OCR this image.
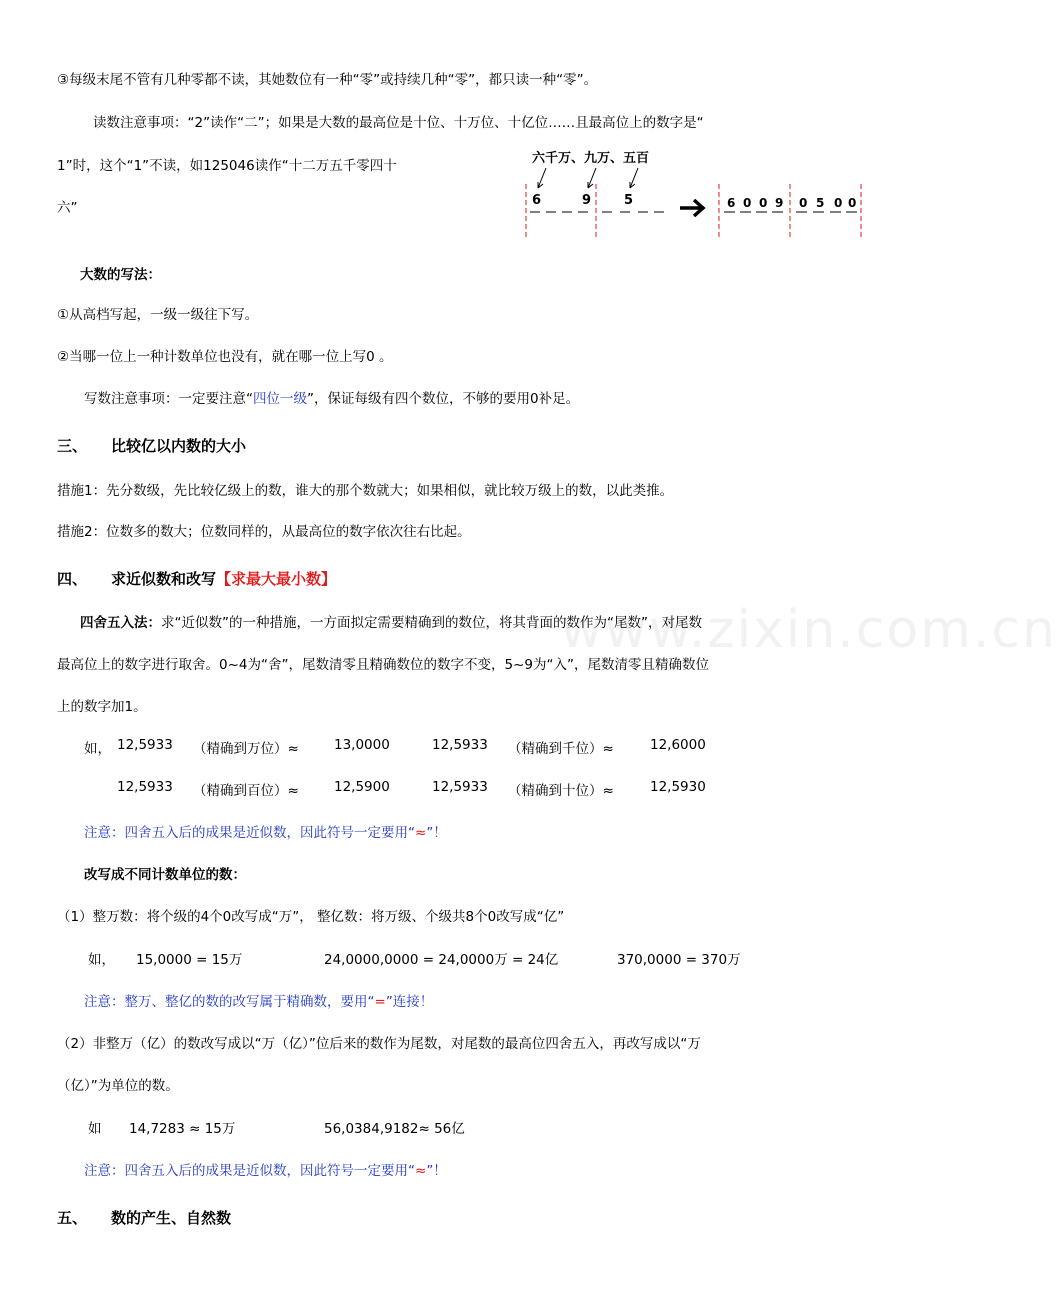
www.zixin.com.cn
③每级末尾不管有几种零都不读，其她数位有一种“零”或持续几种“零”，都只读一种“零”。
读数注意事项：“2”读作“二”；如果是大数的最高位是十位、十万位、十亿位……且最高位上的数字是“
1”时，这个“1”不读，如125046读作“十二万五千零四十
六”
六千万、九万、五百
6	9	5	6 0 0 9 0 5 0 0
大数的写法：
①从高档写起，一级一级往下写。
②当哪一位上一种计数单位也没有，就在哪一位上写0 。
写数注意事项：一定要注意“四位一级”，保证每级有四个数位，不够的要用0补足。
三、 比较亿以内数的大小
措施1：先分数级，先比较亿级上的数，谁大的那个数就大；如果相似，就比较万级上的数，以此类推。
措施2：位数多的数大；位数同样的，从最高位的数字依次往右比起。
四、 求近似数和改写【求最大最小数】
四舍五入法：求“近似数”的一种措施，一方面拟定需要精确到的数位，将其背面的数作为“尾数”，对尾数
最高位上的数字进行取舍。0~4为“舍”，尾数清零且精确数位的数字不变，5~9为“入”，尾数清零且精确数位
上的数字加1。
如， 12,5933 （精确到万位）≈	13,0000	12,5933 （精确到千位）≈	12,6000
12,5933 （精确到百位）≈	12,5900	12,5933 （精确到十位）≈	12,5930
注意：四舍五入后的成果是近似数，因此符号一定要用“≈”！
改写成不同计数单位的数：
（1）整万数：将个级的4个0改写成“万”， 整亿数：将万级、个级共8个0改写成“亿”
如， 15,0000 = 15万	24,0000,0000 = 24,0000万 = 24亿	370,0000 = 370万
注意：整万、整亿的数的改写属于精确数，要用“=”连接！
（2）非整万（亿）的数改写成以“万（亿）”位后来的数作为尾数，对尾数的最高位四舍五入，再改写成以“万
（亿）”为单位的数。
如 14,7283 ≈ 15万	56,0384,9182≈ 56亿
注意：四舍五入后的成果是近似数，因此符号一定要用“≈”！
五、 数的产生、自然数
